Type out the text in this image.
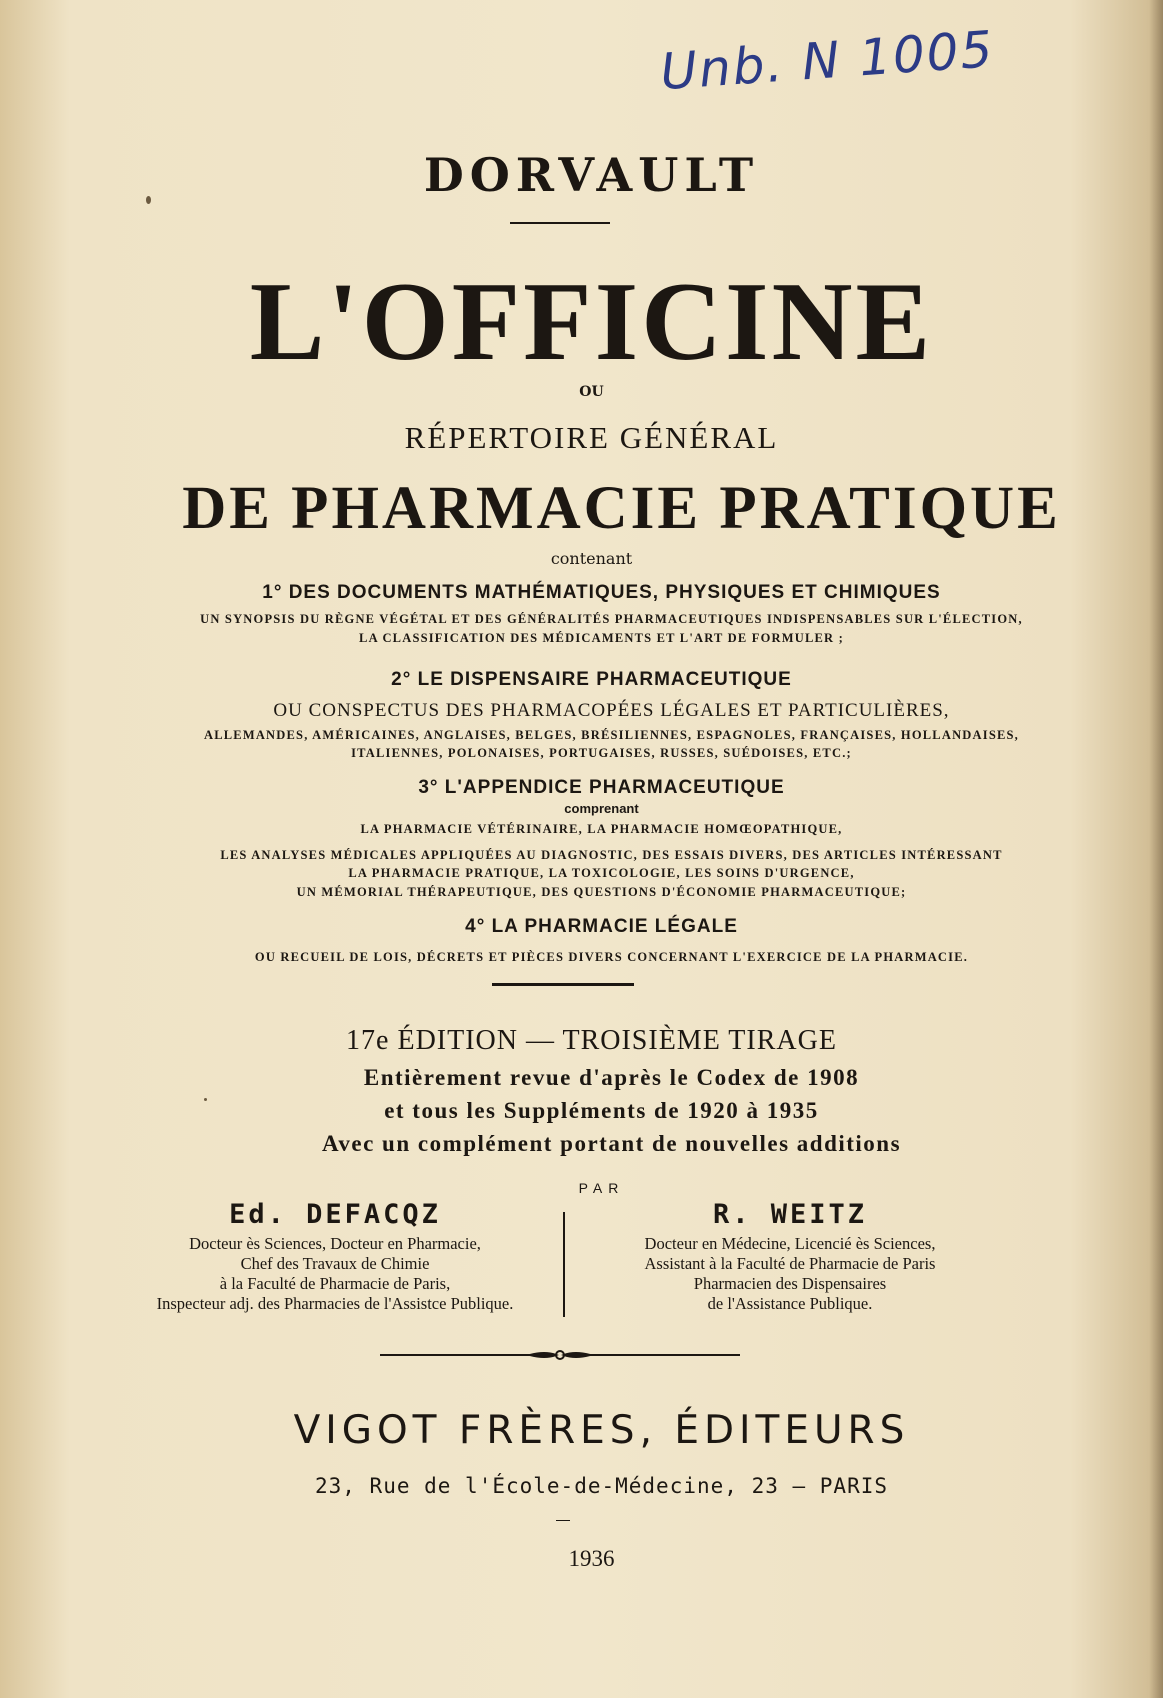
Unb. N 1005
DORVAULT
L'OFFICINE
OU
RÉPERTOIRE GÉNÉRAL
DE PHARMACIE PRATIQUE
contenant
1° DES DOCUMENTS MATHÉMATIQUES, PHYSIQUES ET CHIMIQUES
UN SYNOPSIS DU RÈGNE VÉGÉTAL ET DES GÉNÉRALITÉS PHARMACEUTIQUES INDISPENSABLES SUR L'ÉLECTION,
LA CLASSIFICATION DES MÉDICAMENTS ET L'ART DE FORMULER ;
2° LE DISPENSAIRE PHARMACEUTIQUE
OU CONSPECTUS DES PHARMACOPÉES LÉGALES ET PARTICULIÈRES,
ALLEMANDES, AMÉRICAINES, ANGLAISES, BELGES, BRÉSILIENNES, ESPAGNOLES, FRANÇAISES, HOLLANDAISES,
ITALIENNES, POLONAISES, PORTUGAISES, RUSSES, SUÉDOISES, ETC.;
3° L'APPENDICE PHARMACEUTIQUE
comprenant
LA PHARMACIE VÉTÉRINAIRE, LA PHARMACIE HOMŒOPATHIQUE,
LES ANALYSES MÉDICALES APPLIQUÉES AU DIAGNOSTIC, DES ESSAIS DIVERS, DES ARTICLES INTÉRESSANT
LA PHARMACIE PRATIQUE, LA TOXICOLOGIE, LES SOINS D'URGENCE,
UN MÉMORIAL THÉRAPEUTIQUE, DES QUESTIONS D'ÉCONOMIE PHARMACEUTIQUE;
4° LA PHARMACIE LÉGALE
OU RECUEIL DE LOIS, DÉCRETS ET PIÈCES DIVERS CONCERNANT L'EXERCICE DE LA PHARMACIE.
17e ÉDITION — TROISIÈME TIRAGE
Entièrement revue d'après le Codex de 1908
et tous les Suppléments de 1920 à 1935
Avec un complément portant de nouvelles additions
PAR
Ed. DEFACQZ
Docteur ès Sciences, Docteur en Pharmacie,
Chef des Travaux de Chimie
à la Faculté de Pharmacie de Paris,
Inspecteur adj. des Pharmacies de l'Assistce Publique.
R. WEITZ
Docteur en Médecine, Licencié ès Sciences,
Assistant à la Faculté de Pharmacie de Paris
Pharmacien des Dispensaires
de l'Assistance Publique.
VIGOT FRÈRES, ÉDITEURS
23, Rue de l'École-de-Médecine, 23 — PARIS
1936
